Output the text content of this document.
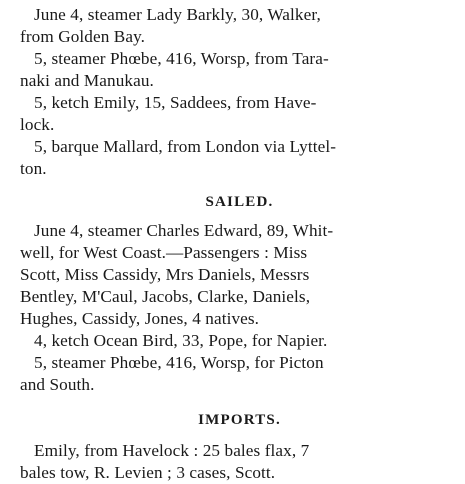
June 4, steamer Lady Barkly, 30, Walker,
from Golden Bay.

5, steamer Phœbe, 416, Worsp, from Tara-
naki and Manukau.

5, ketch Emily, 15, Saddees, from Have-
lock.

5, barque Mallard, from London via Lyttel-
ton.

SAILED.

June 4, steamer Charles Edward, 89, Whit-
well, for West Coast.—Passengers : Miss
Scott, Miss Cassidy, Mrs Daniels, Messrs
Bentley, M'Caul, Jacobs, Clarke, Daniels,
Hughes, Cassidy, Jones, 4 natives.

4, ketch Ocean Bird, 33, Pope, for Napier.

5, steamer Phœbe, 416, Worsp, for Picton
and South.

IMPORTS.

Emily, from Havelock : 25 bales flax, 7
bales tow, R. Levien ; 3 cases, Scott.
